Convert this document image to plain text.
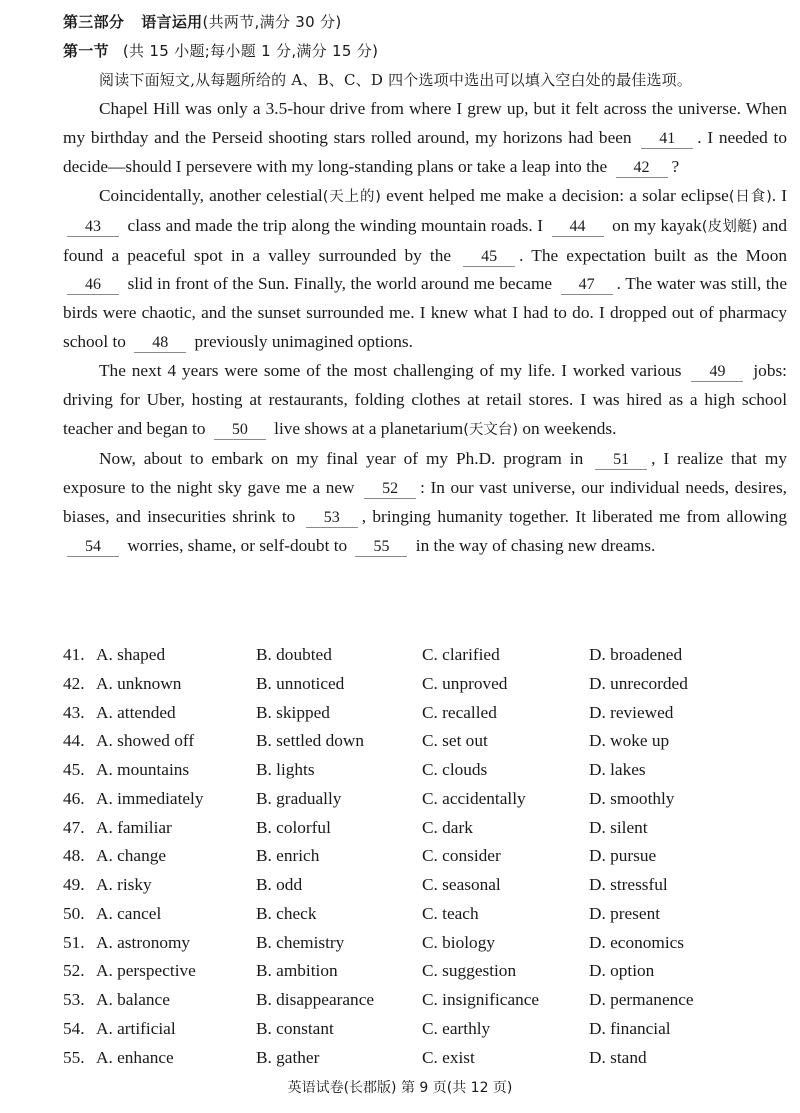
第三部分 语言运用(共两节,满分 30 分)
第一节 (共 15 小题;每小题 1 分,满分 15 分)
阅读下面短文,从每题所给的 A、B、C、D 四个选项中选出可以填入空白处的最佳选项。

Chapel Hill was only a 3.5-hour drive from where I grew up, but it felt across the universe. When my birthday and the Perseid shooting stars rolled around, my horizons had been 41 . I needed to decide—should I persevere with my long-standing plans or take a leap into the 42 ?

Coincidentally, another celestial(天上的) event helped me make a decision: a solar eclipse(日食). I 43 class and made the trip along the winding mountain roads. I 44 on my kayak(皮划艇) and found a peaceful spot in a valley surrounded by the 45 . The expectation built as the Moon 46 slid in front of the Sun. Finally, the world around me became 47 . The water was still, the birds were chaotic, and the sunset surrounded me. I knew what I had to do. I dropped out of pharmacy school to 48 previously unimagined options.

The next 4 years were some of the most challenging of my life. I worked various 49 jobs: driving for Uber, hosting at restaurants, folding clothes at retail stores. I was hired as a high school teacher and began to 50 live shows at a planetarium(天文台) on weekends.

Now, about to embark on my final year of my Ph.D. program in 51 , I realize that my exposure to the night sky gave me a new 52 : In our vast universe, our individual needs, desires, biases, and insecurities shrink to 53 , bringing humanity together. It liberated me from allowing 54 worries, shame, or self-doubt to 55 in the way of chasing new dreams.

41. A. shaped	B. doubted	C. clarified	D. broadened
42. A. unknown	B. unnoticed	C. unproved	D. unrecorded
43. A. attended	B. skipped	C. recalled	D. reviewed
44. A. showed off	B. settled down	C. set out	D. woke up
45. A. mountains	B. lights	C. clouds	D. lakes
46. A. immediately	B. gradually	C. accidentally	D. smoothly
47. A. familiar	B. colorful	C. dark	D. silent
48. A. change	B. enrich	C. consider	D. pursue
49. A. risky	B. odd	C. seasonal	D. stressful
50. A. cancel	B. check	C. teach	D. present
51. A. astronomy	B. chemistry	C. biology	D. economics
52. A. perspective	B. ambition	C. suggestion	D. option
53. A. balance	B. disappearance	C. insignificance	D. permanence
54. A. artificial	B. constant	C. earthly	D. financial
55. A. enhance	B. gather	C. exist	D. stand
英语试卷(长郡版) 第 9 页(共 12 页)
